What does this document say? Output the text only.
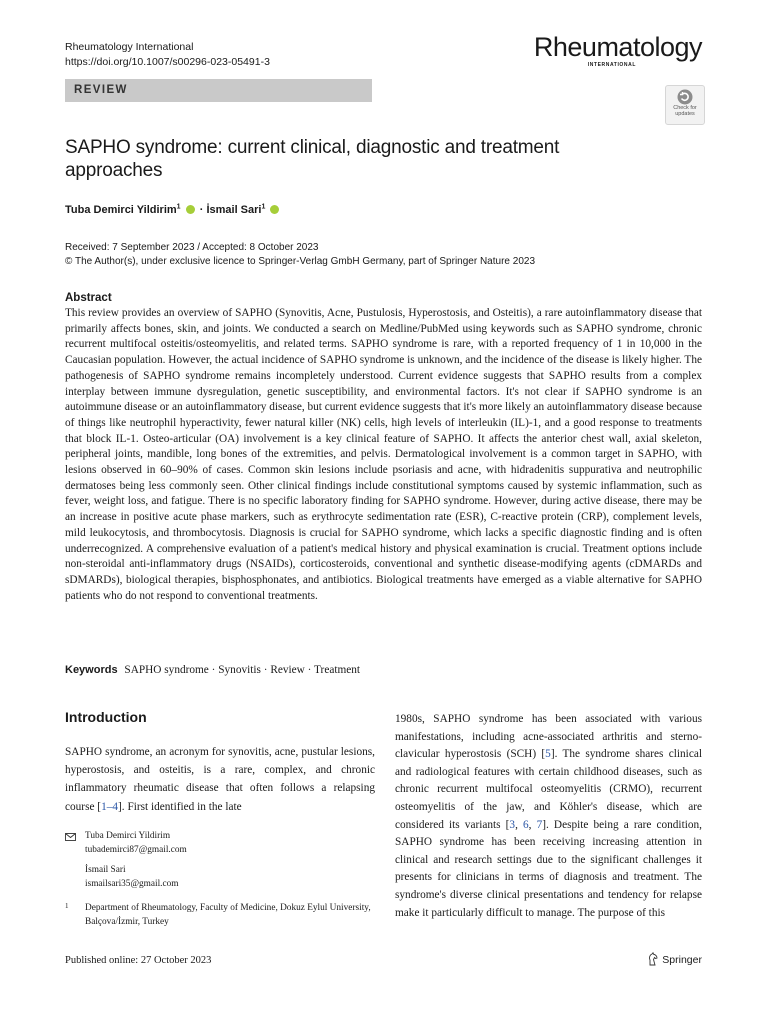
Rheumatology International
https://doi.org/10.1007/s00296-023-05491-3	Rheumatology
INTERNATIONAL
REVIEW
Check for
updates
SAPHO syndrome: current clinical, diagnostic and treatment approaches
Tuba Demirci Yildirim$^1$ · İsmail Sari$^1$
Received: 7 September 2023 / Accepted: 8 October 2023
© The Author(s), under exclusive licence to Springer-Verlag GmbH Germany, part of Springer Nature 2023
Abstract
This review provides an overview of SAPHO (Synovitis, Acne, Pustulosis, Hyperostosis, and Osteitis), a rare autoinflammatory disease that primarily affects bones, skin, and joints. We conducted a search on Medline/PubMed using keywords such as SAPHO syndrome, chronic recurrent multifocal osteitis/osteomyelitis, and related terms. SAPHO syndrome is rare, with a reported frequency of 1 in 10,000 in the Caucasian population. However, the actual incidence of SAPHO syndrome is unknown, and the incidence of the disease is likely higher. The pathogenesis of SAPHO syndrome remains incompletely understood. Current evidence suggests that SAPHO results from a complex interplay between immune dysregulation, genetic susceptibility, and environmental factors. It's not clear if SAPHO syndrome is an autoimmune disease or an autoinflammatory disease, but current evidence suggests that it's more likely an autoinflammatory disease because of things like neutrophil hyperactivity, fewer natural killer (NK) cells, high levels of interleukin (IL)-1, and a good response to treatments that block IL-1. Osteo-articular (OA) involvement is a key clinical feature of SAPHO. It affects the anterior chest wall, axial skeleton, peripheral joints, mandible, long bones of the extremities, and pelvis. Dermatological involvement is a common target in SAPHO, with lesions observed in 60–90% of cases. Common skin lesions include psoriasis and acne, with hidradenitis suppurativa and neutrophilic dermatoses being less commonly seen. Other clinical findings include constitutional symptoms caused by systemic inflammation, such as fever, weight loss, and fatigue. There is no specific laboratory finding for SAPHO syndrome. However, during active disease, there may be an increase in positive acute phase markers, such as erythrocyte sedimentation rate (ESR), C-reactive protein (CRP), complement levels, mild leukocytosis, and thrombocytosis. Diagnosis is crucial for SAPHO syndrome, which lacks a specific diagnostic finding and is often underrecognized. A comprehensive evaluation of a patient's medical history and physical examination is crucial. Treatment options include non-steroidal anti-inflammatory drugs (NSAIDs), corticosteroids, conventional and synthetic disease-modifying agents (cDMARDs and sDMARDs), biological therapies, bisphosphonates, and antibiotics. Biological treatments have emerged as a viable alternative for SAPHO patients who do not respond to conventional treatments.
Keywords SAPHO syndrome · Synovitis · Review · Treatment
Introduction
SAPHO syndrome, an acronym for synovitis, acne, pustular lesions, hyperostosis, and osteitis, is a rare, complex, and chronic inflammatory rheumatic disease that often follows a relapsing course [1–4]. First identified in the late
1980s, SAPHO syndrome has been associated with various manifestations, including acne-associated arthritis and sterno-clavicular hyperostosis (SCH) [5]. The syndrome shares clinical and radiological features with certain childhood diseases, such as chronic recurrent multifocal osteomyelitis (CRMO), recurrent osteomyelitis of the jaw, and Köhler's disease, which are considered its variants [3, 6, 7]. Despite being a rare condition, SAPHO syndrome has been receiving increasing attention in clinical and research settings due to the significant challenges it presents for clinicians in terms of diagnosis and treatment. The syndrome's diverse clinical presentations and tendency for relapse make it particularly difficult to manage. The purpose of this
Tuba Demirci Yildirim
tubademirci87@gmail.com
İsmail Sari
ismailsari35@gmail.com
1 Department of Rheumatology, Faculty of Medicine, Dokuz Eylul University, Balçova/İzmir, Turkey
Published online: 27 October 2023	Springer
